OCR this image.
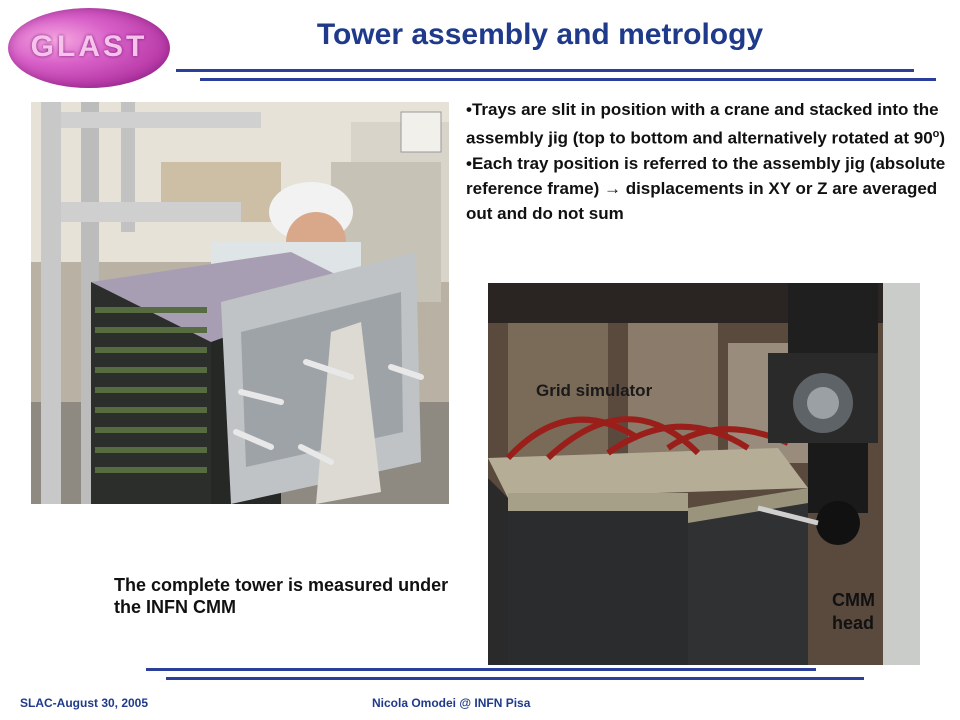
GLAST	Tower assembly and metrology

•Trays are slit in position with a crane and stacked into the assembly jig (top to bottom and alternatively rotated at 90$^o$)

•Each tray position is referred to the assembly jig (absolute reference frame) → displacements in XY or Z are averaged out and do not sum

Grid simulator
CMM head
The complete tower is measured under the INFN CMM
SLAC-August 30, 2005	Nicola Omodei @ INFN Pisa
